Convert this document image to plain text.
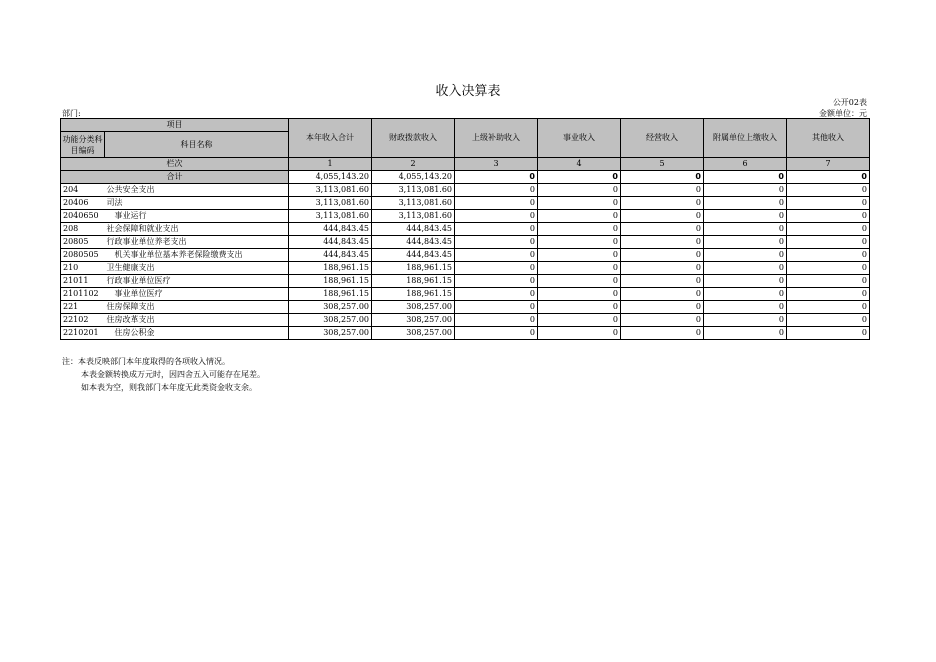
收入决算表
公开02表
部门:	金额单位：元
项目		本年收入合计	财政拨款收入	上级补助收入	事业收入	经营收入	附属单位上缴收入	其他收入
功能分类科目编码	科目名称							

栏次		1	2	3	4	5	6	7
合计		4,055,143.20	4,055,143.20	0	0	0	0	0
204	公共安全支出	3,113,081.60	3,113,081.60	0	0	0	0	0
20406	司法	3,113,081.60	3,113,081.60	0	0	0	0	0
2040650	　事业运行	3,113,081.60	3,113,081.60	0	0	0	0	0
208	社会保障和就业支出	444,843.45	444,843.45	0	0	0	0	0
20805	行政事业单位养老支出	444,843.45	444,843.45	0	0	0	0	0
2080505	　机关事业单位基本养老保险缴费支出	444,843.45	444,843.45	0	0	0	0	0
210	卫生健康支出	188,961.15	188,961.15	0	0	0	0	0
21011	行政事业单位医疗	188,961.15	188,961.15	0	0	0	0	0
2101102	　事业单位医疗	188,961.15	188,961.15	0	0	0	0	0
221	住房保障支出	308,257.00	308,257.00	0	0	0	0	0
22102	住房改革支出	308,257.00	308,257.00	0	0	0	0	0
2210201	　住房公积金	308,257.00	308,257.00	0	0	0	0	0
注：本表反映部门本年度取得的各项收入情况。
本表金额转换成万元时，因四舍五入可能存在尾差。
如本表为空，则我部门本年度无此类资金收支余。
